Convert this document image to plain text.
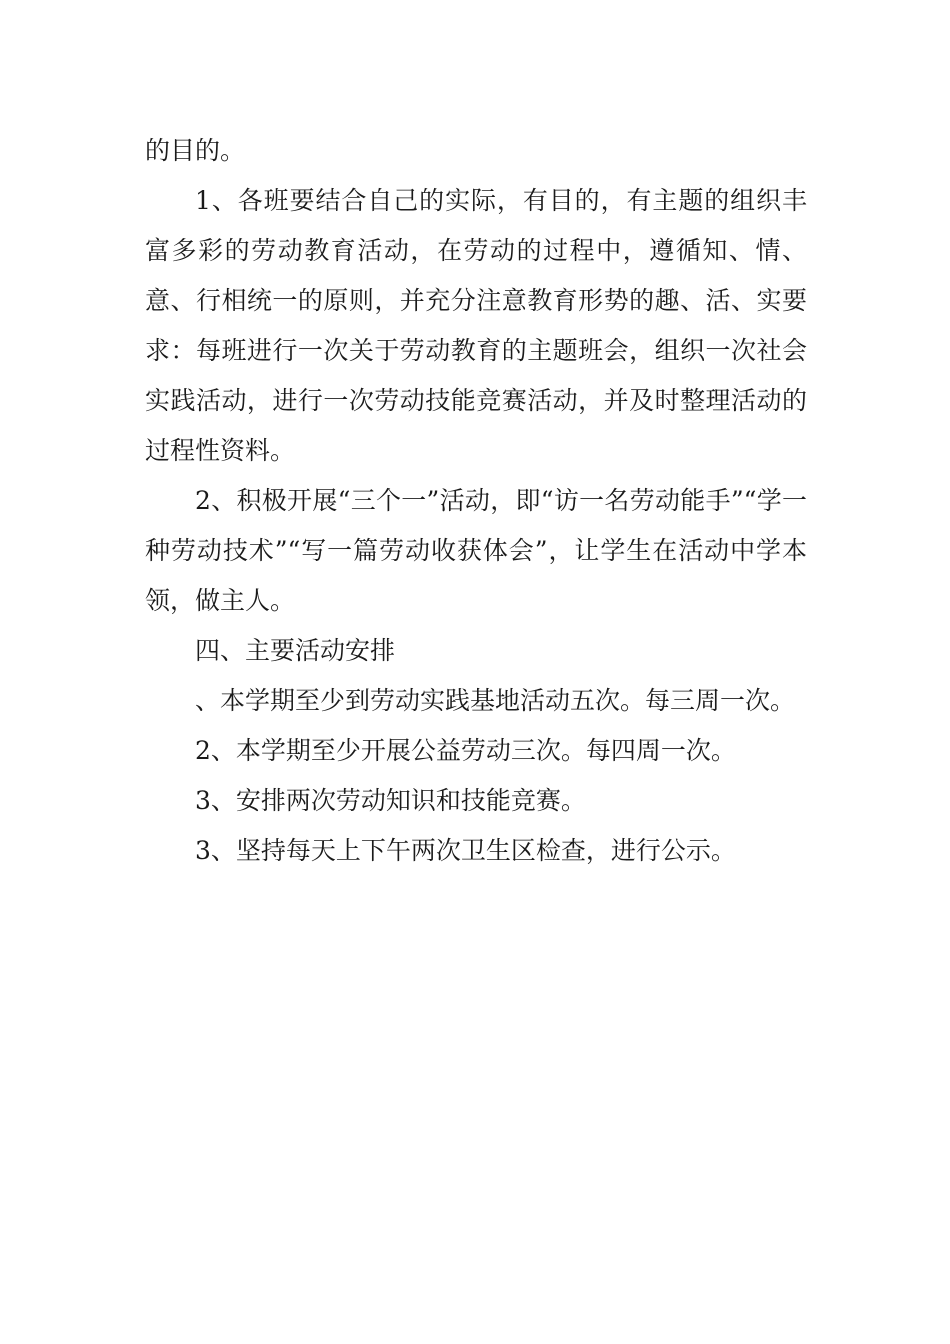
的目的。

1、各班要结合自己的实际，有目的，有主题的组织丰富多彩的劳动教育活动，在劳动的过程中，遵循知、情、意、行相统一的原则，并充分注意教育形势的趣、活、实要求：每班进行一次关于劳动教育的主题班会，组织一次社会实践活动，进行一次劳动技能竞赛活动，并及时整理活动的过程性资料。

2、积极开展“三个一”活动，即“访一名劳动能手”“学一种劳动技术”“写一篇劳动收获体会”，让学生在活动中学本领，做主人。

四、主要活动安排

、本学期至少到劳动实践基地活动五次。每三周一次。

2、本学期至少开展公益劳动三次。每四周一次。

3、安排两次劳动知识和技能竞赛。

3、坚持每天上下午两次卫生区检查，进行公示。
